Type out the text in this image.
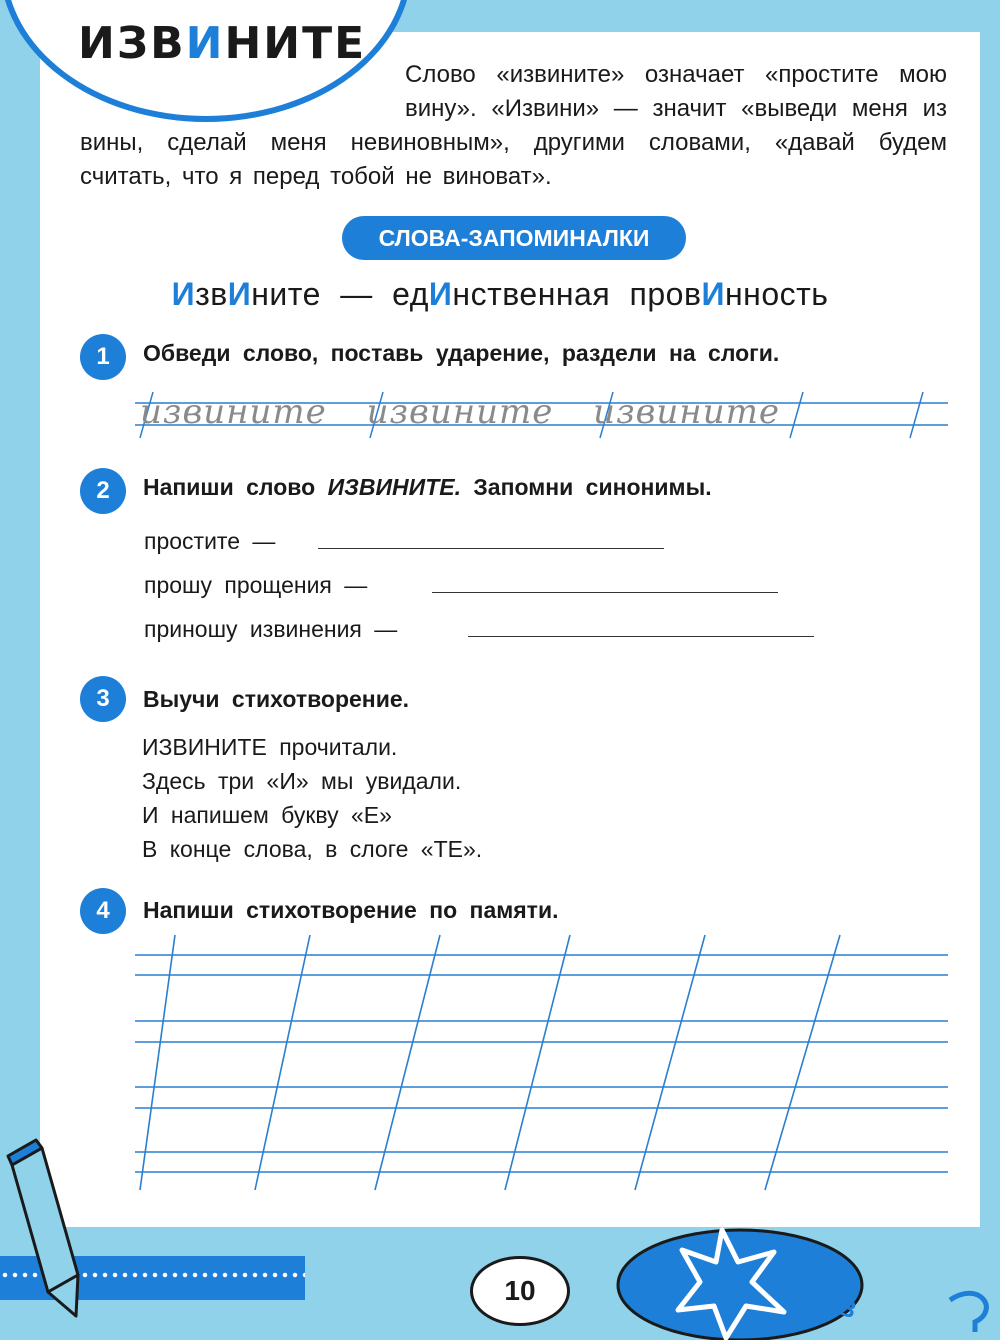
ИЗВИНИТЕ
Слово «извините» означает «простите мою вину». «Извини» — значит «выведи меня из вины, сделай меня невиновным», другими словами, «давай будем считать, что я перед тобой не виноват».
СЛОВА-ЗАПОМИНАЛКИ
ИзвИните — едИнственная провИнность
1	Обведи слово, поставь ударение, раздели на слоги.
извините извините извините
2	Напиши слово ИЗВИНИТЕ. Запомни синонимы.
простите —
прошу прощения —
приношу извинения —
3	Выучи стихотворение.
ИЗВИНИТЕ прочитали.
Здесь три «И» мы увидали.
И напишем букву «Е»
В конце слова, в слоге «ТЕ».
4	Напиши стихотворение по памяти.
10	A+B
